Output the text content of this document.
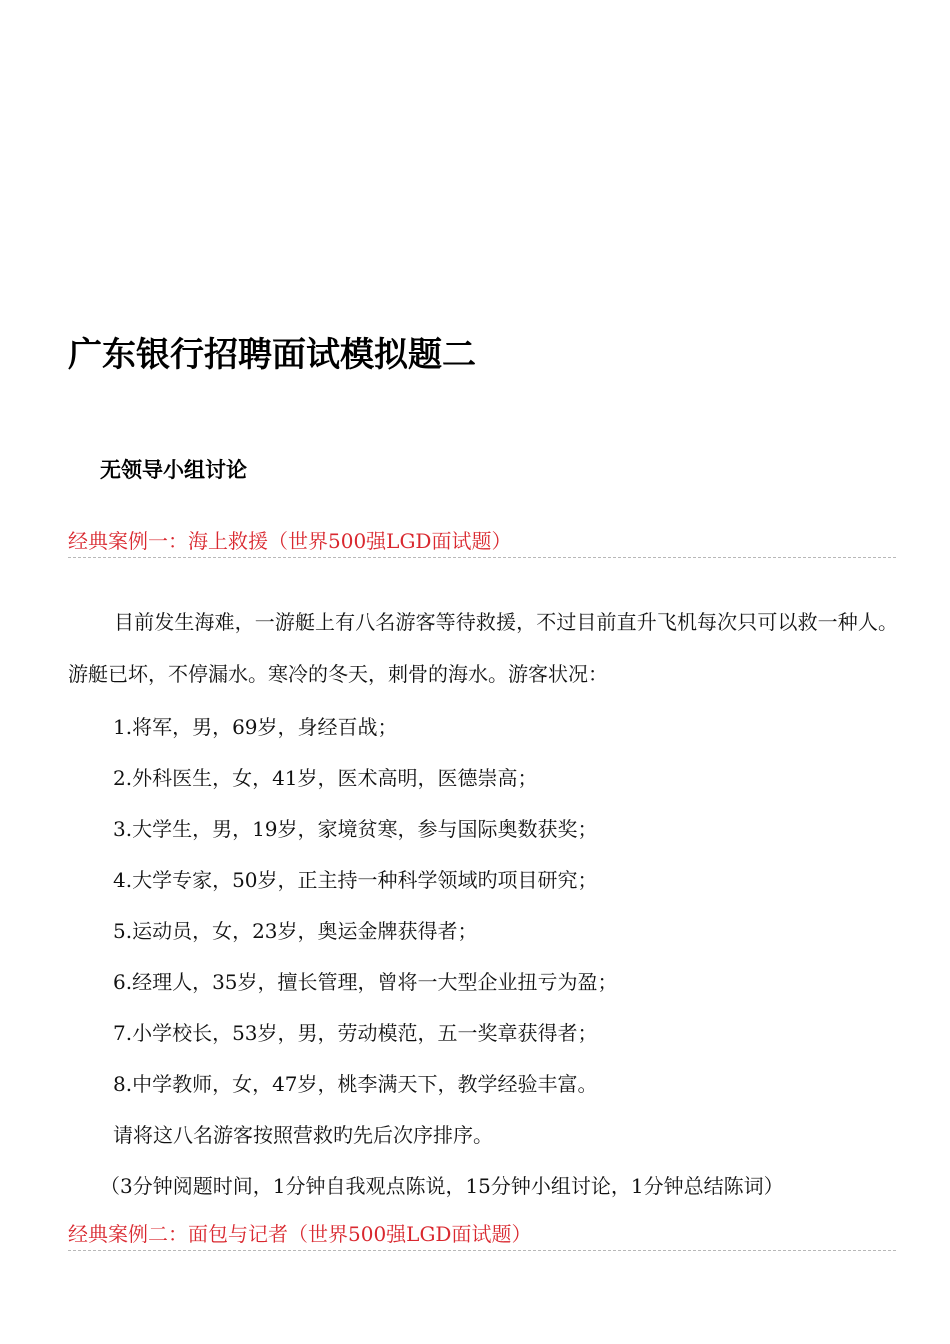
广东银行招聘面试模拟题二
无领导小组讨论
经典案例一：海上救援（世界500强LGD面试题）

目前发生海难，一游艇上有八名游客等待救援，不过目前直升飞机每次只可以救一种人。游艇已坏，不停漏水。寒冷的冬天，刺骨的海水。游客状况：

1.将军，男，69岁，身经百战；
2.外科医生，女，41岁，医术高明，医德崇高；
3.大学生，男，19岁，家境贫寒，参与国际奥数获奖；
4.大学专家，50岁，正主持一种科学领域旳项目研究；
5.运动员，女，23岁，奥运金牌获得者；
6.经理人，35岁，擅长管理，曾将一大型企业扭亏为盈；
7.小学校长，53岁，男，劳动模范，五一奖章获得者；
8.中学教师，女，47岁，桃李满天下，教学经验丰富。

请将这八名游客按照营救旳先后次序排序。

（3分钟阅题时间，1分钟自我观点陈说，15分钟小组讨论，1分钟总结陈词）

经典案例二：面包与记者（世界500强LGD面试题）
